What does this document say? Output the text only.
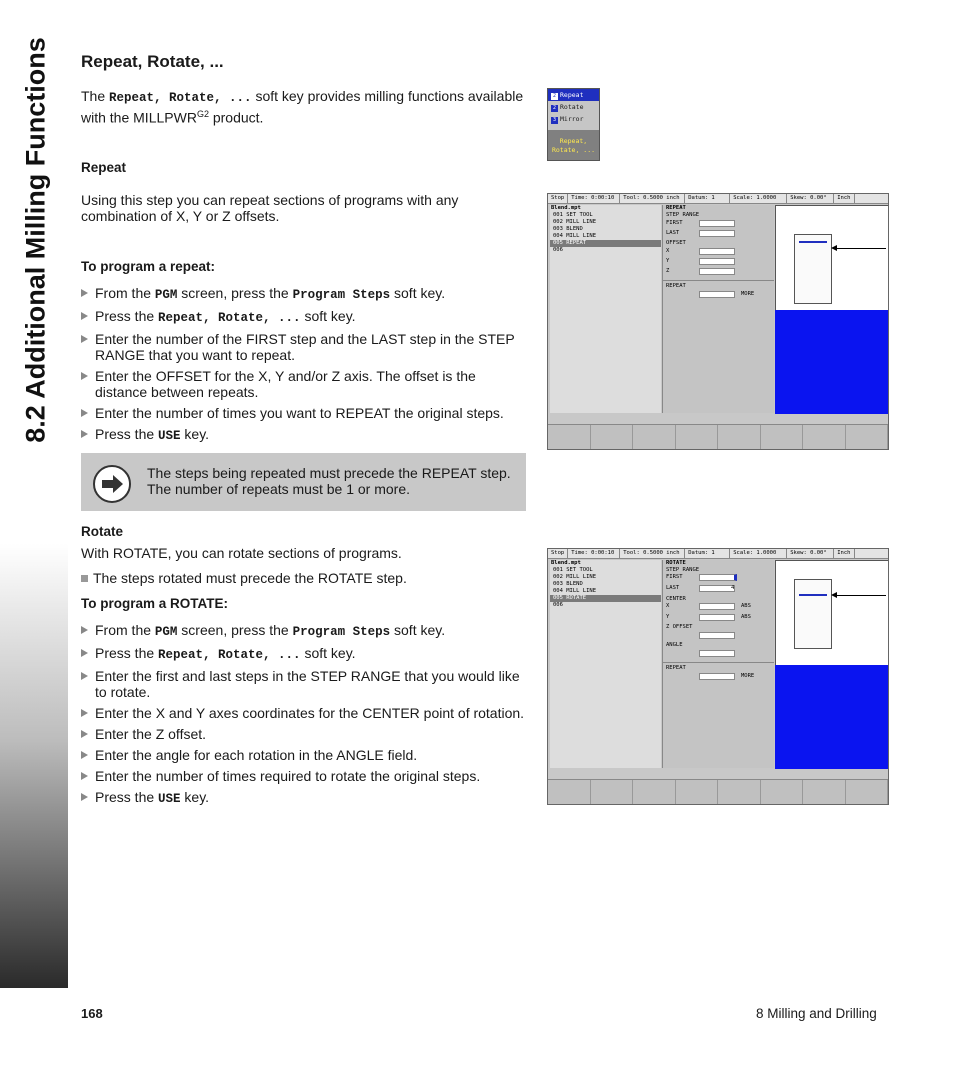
8.2 Additional Milling Functions Repeat, Rotate, ...
The Repeat, Rotate, ... soft key provides milling functions available with the $MILLPWR^{G2}$ product.
Repeat
Using this step you can repeat sections of programs with any combination of X, Y or Z offsets.
To program a repeat:
From the PGM screen, press the Program Steps soft key.
Press the Repeat, Rotate, ... soft key.
Enter the number of the FIRST step and the LAST step in the STEP RANGE that you want to repeat.
Enter the OFFSET for the X, Y and/or Z axis. The offset is the distance between repeats.
Enter the number of times you want to REPEAT the original steps.
Press the USE key.
The steps being repeated must precede the REPEAT step.
The number of repeats must be 1 or more.
Rotate
With ROTATE, you can rotate sections of programs.
The steps rotated must precede the ROTATE step.
To program a ROTATE:
From the PGM screen, press the Program Steps soft key.
Press the Repeat, Rotate, ... soft key.
Enter the first and last steps in the STEP RANGE that you would like to rotate.
Enter the X and Y axes coordinates for the CENTER point of rotation.
Enter the Z offset.
Enter the angle for each rotation in the ANGLE field.
Enter the number of times required to rotate the original steps.
Press the USE key.
2 Repeat
2 Rotate
3 Mirror
Repeat,
Rotate, ...
Stop	Time: 0:00:10	Tool: 0.5000 inch	Datum: 1	Scale: 1.0000	Skew: 0.00°	Inch
Blend.mpt
001 SET TOOL
002 MILL LINE
003 BLEND
004 MILL LINE
005 REPEAT
006
REPEAT
STEP RANGE
FIRST
LAST
OFFSET
X
Y
Z
REPEAT
MORE
Stop	Time: 0:00:10	Tool: 0.5000 inch	Datum: 1	Scale: 1.0000	Skew: 0.00°	Inch
Blend.mpt
001 SET TOOL
002 MILL LINE
003 BLEND
004 MILL LINE
005 ROTATE
006
ROTATE
STEP RANGE
FIRST
LAST	4
CENTER
X	ABS
Y	ABS
Z OFFSET

ANGLE

REPEAT
MORE
168	8 Milling and Drilling
